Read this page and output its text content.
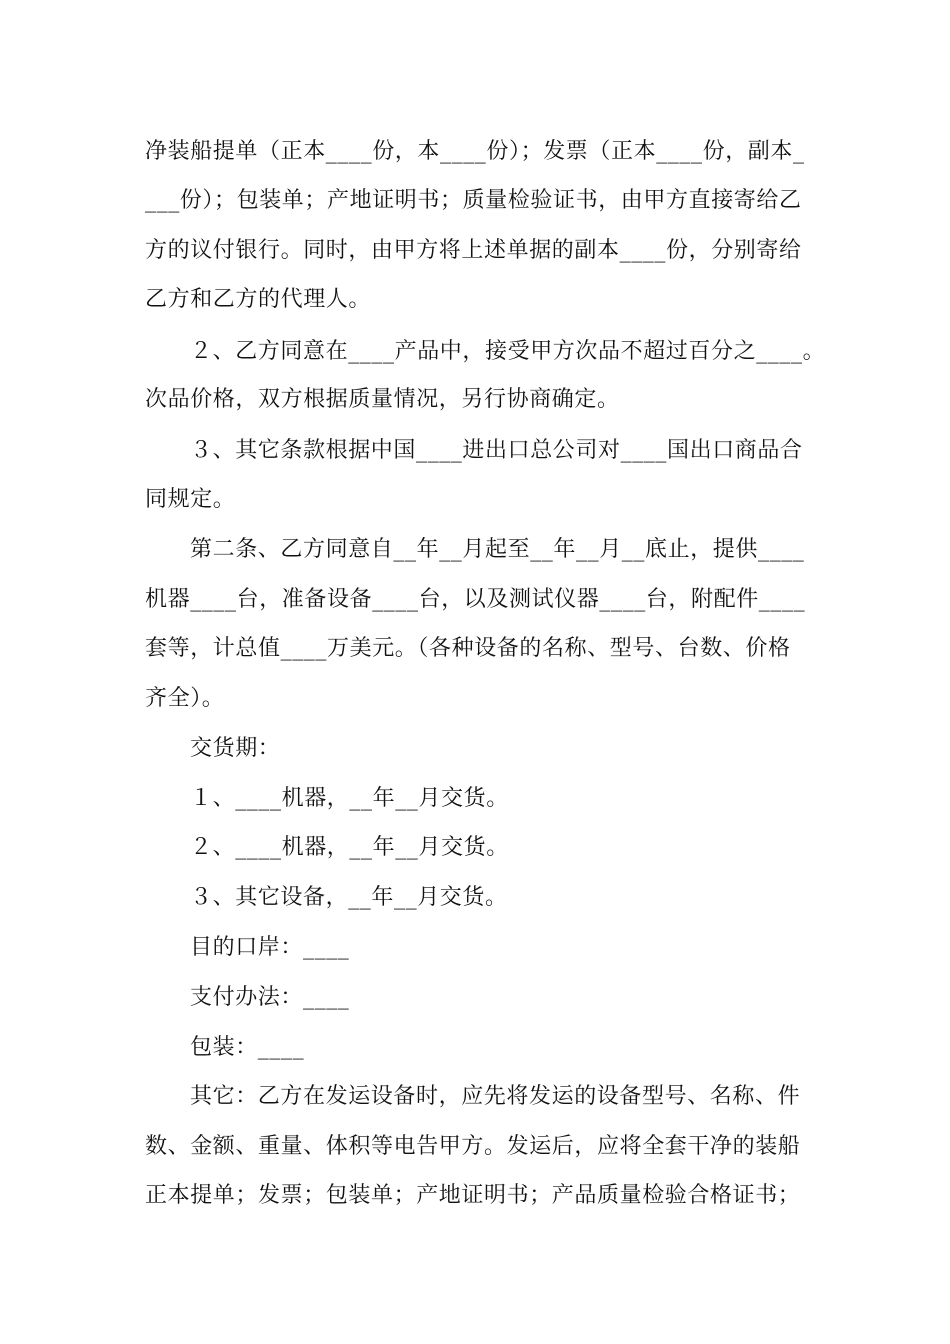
净装船提单（正本____份，本____份）；发票（正本____份，副本_
___份）；包装单；产地证明书；质量检验证书，由甲方直接寄给乙
方的议付银行。同时，由甲方将上述单据的副本____份，分别寄给
乙方和乙方的代理人。
２、乙方同意在____产品中，接受甲方次品不超过百分之____。
次品价格，双方根据质量情况，另行协商确定。
３、其它条款根据中国____进出口总公司对____国出口商品合
同规定。
第二条、乙方同意自__年__月起至__年__月__底止，提供____
机器____台，准备设备____台，以及测试仪器____台，附配件____
套等，计总值____万美元。（各种设备的名称、型号、台数、价格
齐全）。
交货期：
１、____机器，__年__月交货。
２、____机器，__年__月交货。
３、其它设备，__年__月交货。
目的口岸：____
支付办法：____
包装：____
其它：乙方在发运设备时，应先将发运的设备型号、名称、件
数、金额、重量、体积等电告甲方。发运后，应将全套干净的装船
正本提单；发票；包装单；产地证明书；产品质量检验合格证书；
